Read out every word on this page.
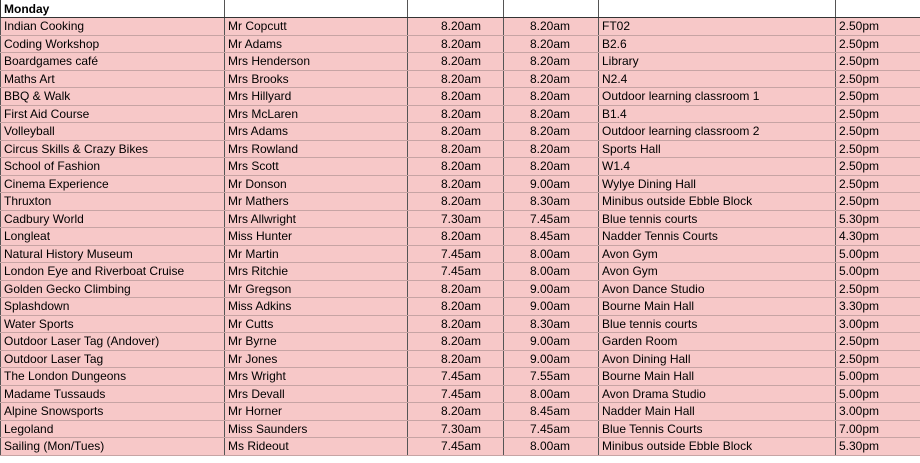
Monday					
Indian Cooking	Mr Copcutt	8.20am	8.20am	FT02	2.50pm
Coding Workshop	Mr Adams	8.20am	8.20am	B2.6	2.50pm
Boardgames café	Mrs Henderson	8.20am	8.20am	Library	2.50pm
Maths Art	Mrs Brooks	8.20am	8.20am	N2.4	2.50pm
BBQ & Walk	Mrs Hillyard	8.20am	8.20am	Outdoor learning classroom 1	2.50pm
First Aid Course	Mrs McLaren	8.20am	8.20am	B1.4	2.50pm
Volleyball	Mrs Adams	8.20am	8.20am	Outdoor learning classroom 2	2.50pm
Circus Skills & Crazy Bikes	Mrs Rowland	8.20am	8.20am	Sports Hall	2.50pm
School of Fashion	Mrs Scott	8.20am	8.20am	W1.4	2.50pm
Cinema Experience	Mr Donson	8.20am	9.00am	Wylye Dining Hall	2.50pm
Thruxton	Mr Mathers	8.20am	8.30am	Minibus outside Ebble Block	2.50pm
Cadbury World	Mrs Allwright	7.30am	7.45am	Blue tennis courts	5.30pm
Longleat	Miss Hunter	8.20am	8.45am	Nadder Tennis Courts	4.30pm
Natural History Museum	Mr Martin	7.45am	8.00am	Avon Gym	5.00pm
London Eye and Riverboat Cruise	Mrs Ritchie	7.45am	8.00am	Avon Gym	5.00pm
Golden Gecko Climbing	Mr Gregson	8.20am	9.00am	Avon Dance Studio	2.50pm
Splashdown	Miss Adkins	8.20am	9.00am	Bourne Main Hall	3.30pm
Water Sports	Mr Cutts	8.20am	8.30am	Blue tennis courts	3.00pm
Outdoor Laser Tag (Andover)	Mr Byrne	8.20am	9.00am	Garden Room	2.50pm
Outdoor Laser Tag	Mr Jones	8.20am	9.00am	Avon Dining Hall	2.50pm
The London Dungeons	Mrs Wright	7.45am	7.55am	Bourne Main Hall	5.00pm
Madame Tussauds	Mrs Devall	7.45am	8.00am	Avon Drama Studio	5.00pm
Alpine Snowsports	Mr Horner	8.20am	8.45am	Nadder Main Hall	3.00pm
Legoland	Miss Saunders	7.30am	7.45am	Blue Tennis Courts	7.00pm
Sailing (Mon/Tues)	Ms Rideout	7.45am	8.00am	Minibus outside Ebble Block	5.30pm
